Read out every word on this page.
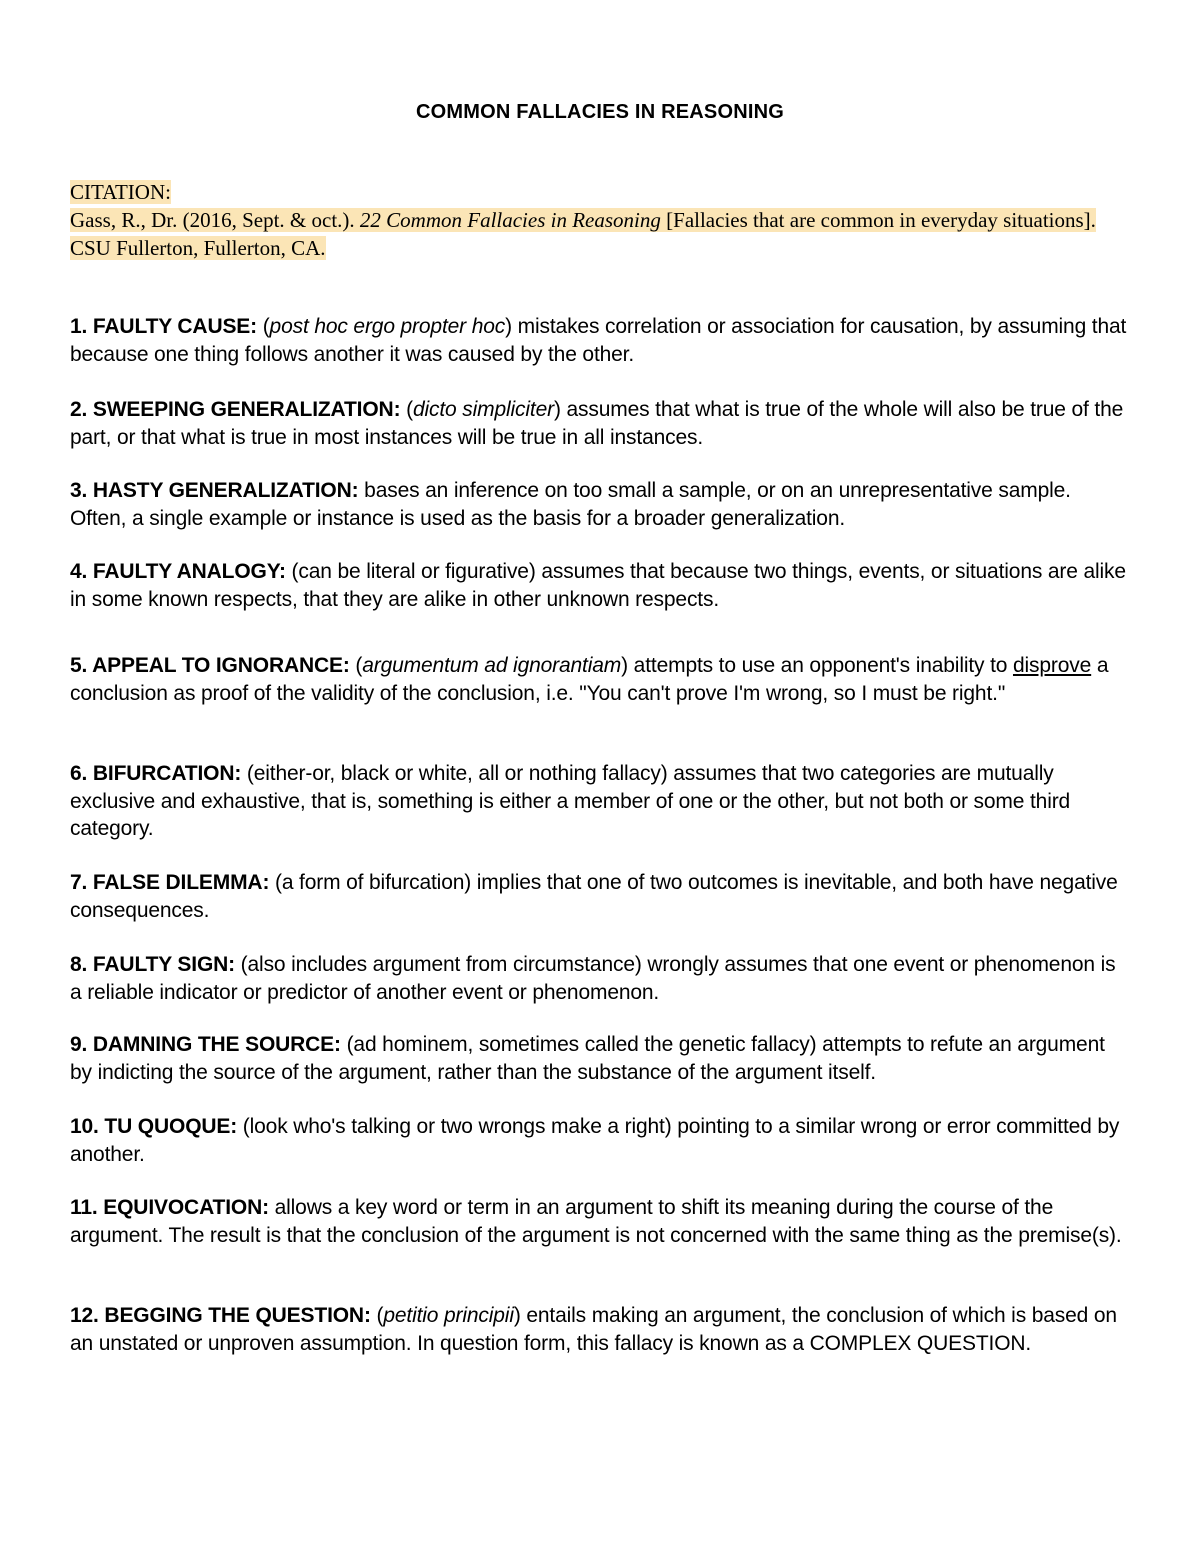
COMMON FALLACIES IN REASONING
CITATION:
Gass, R., Dr. (2016, Sept. & oct.). 22 Common Fallacies in Reasoning [Fallacies that are common in everyday situations]. CSU Fullerton, Fullerton, CA.

1. FAULTY CAUSE: (post hoc ergo propter hoc) mistakes correlation or association for causation, by assuming that because one thing follows another it was caused by the other.

2. SWEEPING GENERALIZATION: (dicto simpliciter) assumes that what is true of the whole will also be true of the part, or that what is true in most instances will be true in all instances.

3. HASTY GENERALIZATION: bases an inference on too small a sample, or on an unrepresentative sample. Often, a single example or instance is used as the basis for a broader generalization.

4. FAULTY ANALOGY: (can be literal or figurative) assumes that because two things, events, or situations are alike in some known respects, that they are alike in other unknown respects.

5. APPEAL TO IGNORANCE: (argumentum ad ignorantiam) attempts to use an opponent's inability to disprove a conclusion as proof of the validity of the conclusion, i.e. "You can't prove I'm wrong, so I must be right."

6. BIFURCATION: (either-or, black or white, all or nothing fallacy) assumes that two categories are mutually exclusive and exhaustive, that is, something is either a member of one or the other, but not both or some third category.

7. FALSE DILEMMA: (a form of bifurcation) implies that one of two outcomes is inevitable, and both have negative consequences.

8. FAULTY SIGN: (also includes argument from circumstance) wrongly assumes that one event or phenomenon is a reliable indicator or predictor of another event or phenomenon.

9. DAMNING THE SOURCE: (ad hominem, sometimes called the genetic fallacy) attempts to refute an argument by indicting the source of the argument, rather than the substance of the argument itself.

10. TU QUOQUE: (look who's talking or two wrongs make a right) pointing to a similar wrong or error committed by another.

11. EQUIVOCATION: allows a key word or term in an argument to shift its meaning during the course of the argument. The result is that the conclusion of the argument is not concerned with the same thing as the premise(s).

12. BEGGING THE QUESTION: (petitio principii) entails making an argument, the conclusion of which is based on an unstated or unproven assumption. In question form, this fallacy is known as a COMPLEX QUESTION.
